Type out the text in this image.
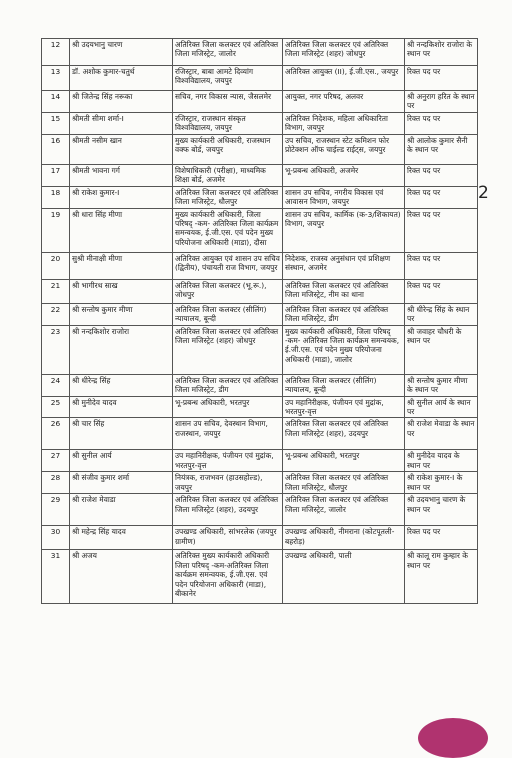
12	श्री उदयभानु चारण	अतिरिक्त जिला कलक्टर एवं अतिरिक्त जिला मजिस्ट्रेट, जालोर	अतिरिक्त जिला कलक्टर एवं अतिरिक्त जिला मजिस्ट्रेट (शहर) जोधपुर	श्री नन्दकिशोर राजोरा के स्थान पर
13	डॉ. अशोक कुमार-चतुर्थ	रजिस्ट्रार, बाबा आमटे दिव्यांग विश्वविद्यालय, जयपुर	अतिरिक्त आयुक्त (II), ई.जी.एस., जयपुर	रिक्त पद पर
14	श्री जितेन्द्र सिंह नरूका	सचिव, नगर विकास न्यास, जैसलमेर	आयुक्त, नगर परिषद, अलवर	श्री अनुराग हरित के स्थान पर
15	श्रीमती सीमा शर्मा-I	रजिस्ट्रार, राजस्थान संस्कृत विश्वविद्यालय, जयपुर	अतिरिक्त निदेशक, महिला अधिकारिता विभाग, जयपुर	रिक्त पद पर
16	श्रीमती नसीम खान	मुख्य कार्यकारी अधिकारी, राजस्थान वक्फ बोर्ड, जयपुर	उप सचिव, राजस्थान स्टेट कमिशन फोर प्रोटेक्शन ऑफ चाईल्ड राईट्स, जयपुर	श्री आलोक कुमार सैनी के स्थान पर
17	श्रीमती भावना गर्ग	विशेषाधिकारी (परीक्षा), माध्यमिक शिक्षा बोर्ड, अजमेर	भू-प्रबन्ध अधिकारी, अजमेर	रिक्त पद पर
18	श्री राकेश कुमार-I	अतिरिक्त जिला कलक्टर एवं अतिरिक्त जिला मजिस्ट्रेट, धौलपुर	शासन उप सचिव, नगरीय विकास एवं आवासन विभाग, जयपुर	रिक्त पद पर
19	श्री धारा सिंह मीणा	मुख्य कार्यकारी अधिकारी, जिला परिषद् -कम- अतिरिक्त जिला कार्यक्रम समन्वयक, ई.जी.एस. एवं पदेन मुख्य परियोजना अधिकारी (माडा), दौसा	शासन उप सचिव, कार्मिक (क-3/शिकायत) विभाग, जयपुर	रिक्त पद पर
20	सुश्री मीनाक्षी मीणा	अतिरिक्त आयुक्त एवं शासन उप सचिव (द्वितीय), पंचायती राज विभाग, जयपुर	निदेशक, राजस्व अनुसंधान एवं प्रशिक्षण संस्थान, अजमेर	रिक्त पद पर
21	श्री भागीरथ साख	अतिरिक्त जिला कलक्टर (भू.रू.), जोधपुर	अतिरिक्त जिला कलक्टर एवं अतिरिक्त जिला मजिस्ट्रेट, नीम का थाना	रिक्त पद पर
22	श्री सन्तोष कुमार मीणा	अतिरिक्त जिला कलक्टर (सीलिंग) न्यायालय, बून्दी	अतिरिक्त जिला कलक्टर एवं अतिरिक्त जिला मजिस्ट्रेट, डीग	श्री धीरेन्द्र सिंह के स्थान पर
23	श्री नन्दकिशोर राजोरा	अतिरिक्त जिला कलक्टर एवं अतिरिक्त जिला मजिस्ट्रेट (शहर) जोधपुर	मुख्य कार्यकारी अधिकारी, जिला परिषद् -कम- अतिरिक्त जिला कार्यक्रम समन्वयक, ई.जी.एस. एवं पदेन मुख्य परियोजना अधिकारी (माडा), जालोर	श्री जवाहर चौधरी के स्थान पर
24	श्री धीरेन्द्र सिंह	अतिरिक्त जिला कलक्टर एवं अतिरिक्त जिला मजिस्ट्रेट, डीग	अतिरिक्त जिला कलक्टर (सीलिंग) न्यायालय, बून्दी	श्री सन्तोष कुमार मीणा के स्थान पर
25	श्री मुनीदेव यादव	भू-प्रबन्ध अधिकारी, भरतपुर	उप महानिरीक्षक, पंजीयन एवं मुद्रांक, भरतपुर-वृत्त	श्री सुनील आर्य के स्थान पर
26	श्री चार सिंह	शासन उप सचिव, देवस्थान विभाग, राजस्थान, जयपुर	अतिरिक्त जिला कलक्टर एवं अतिरिक्त जिला मजिस्ट्रेट (शहर), उदयपुर	श्री राजेश मेवाडा के स्थान पर
27	श्री सुनील आर्य	उप महानिरीक्षक, पंजीयन एवं मुद्रांक, भरतपुर-वृत्त	भू-प्रबन्ध अधिकारी, भरतपुर	श्री मुनीदेव यादव के स्थान पर
28	श्री संजीव कुमार शर्मा	नियंत्रक, राजभवन (हाउसहोल्ड), जयपुर	अतिरिक्त जिला कलक्टर एवं अतिरिक्त जिला मजिस्ट्रेट, धौलपुर	श्री राकेश कुमार-I के स्थान पर
29	श्री राजेश मेवाडा	अतिरिक्त जिला कलक्टर एवं अतिरिक्त जिला मजिस्ट्रेट (शहर), उदयपुर	अतिरिक्त जिला कलक्टर एवं अतिरिक्त जिला मजिस्ट्रेट, जालोर	श्री उदयभानु चारण के स्थान पर
30	श्री महेन्द्र सिंह यादव	उपखण्ड अधिकारी, सांभरलेक (जयपुर ग्रामीण)	उपखण्ड अधिकारी, नीमराना (कोटपूतली-बहरोड़)	रिक्त पद पर
31	श्री अजय	अतिरिक्त मुख्य कार्यकारी अधिकारी जिला परिषद् -कम-अतिरिक्त जिला कार्यक्रम समन्वयक, ई.जी.एस. एवं पदेन परियोजना अधिकारी (माडा), बीकानेर	उपखण्ड अधिकारी, पाली	श्री कालू राम कुम्हार के स्थान पर
2
